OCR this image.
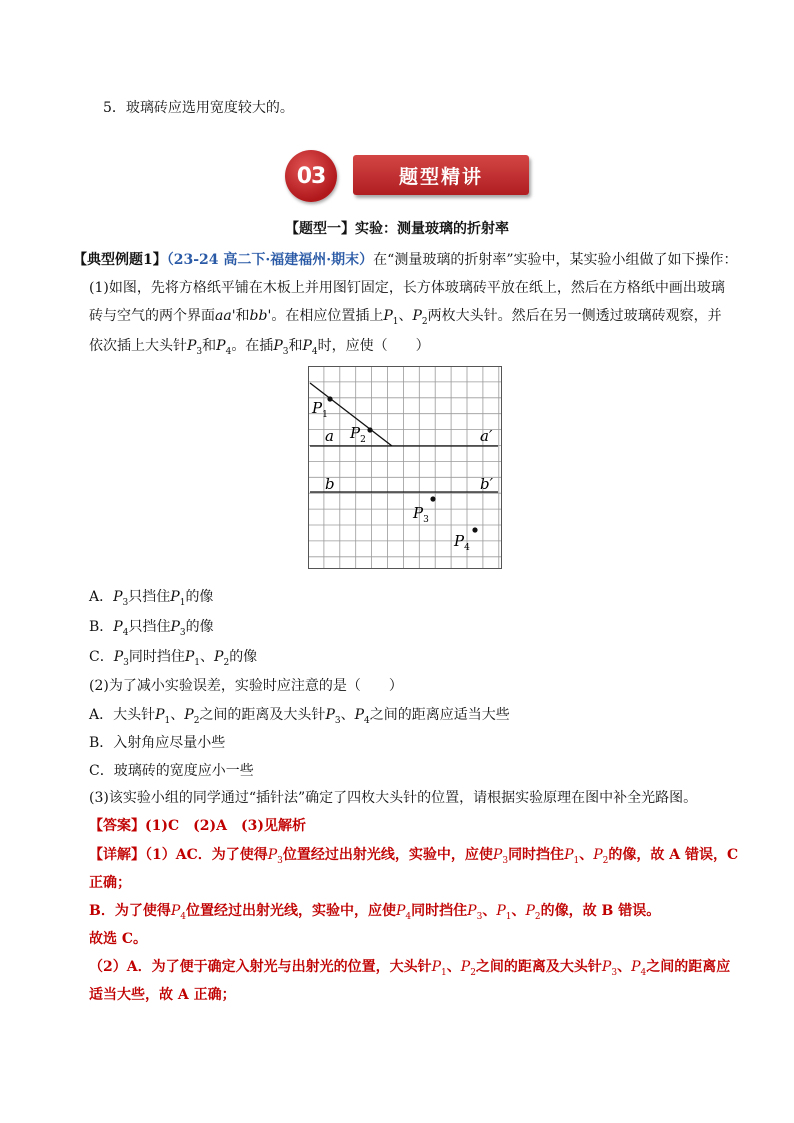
5．玻璃砖应选用宽度较大的。
03	题型精讲
【题型一】实验：测量玻璃的折射率
【典型例题1】（23-24 高二下·福建福州·期末）在“测量玻璃的折射率”实验中，某实验小组做了如下操作：
(1)如图，先将方格纸平铺在木板上并用图钉固定，长方体玻璃砖平放在纸上，然后在方格纸中画出玻璃
砖与空气的两个界面aa'和bb'。在相应位置插上$P_1$、$P_2$两枚大头针。然后在另一侧透过玻璃砖观察，并
依次插上大头针$P_3$和$P_4$。在插$P_3$和$P_4$时，应使（　　）
$P_1$
$P_2$
$P_3$
$P_4$
a	a′
b	b′
A．$P_3$只挡住$P_1$的像
B．$P_4$只挡住$P_3$的像
C．$P_3$同时挡住$P_1$、$P_2$的像
(2)为了减小实验误差，实验时应注意的是（　　）
A．大头针$P_1$、$P_2$之间的距离及大头针$P_3$、$P_4$之间的距离应适当大些
B．入射角应尽量小些
C．玻璃砖的宽度应小一些
(3)该实验小组的同学通过“插针法”确定了四枚大头针的位置，请根据实验原理在图中补全光路图。
【答案】(1)C　(2)A　(3)见解析
【详解】（1）AC．为了使得$P_3$位置经过出射光线，实验中，应使$P_3$同时挡住$P_1$、$P_2$的像，故 A 错误，C
正确；
B．为了使得$P_4$位置经过出射光线，实验中，应使$P_4$同时挡住$P_3$、$P_1$、$P_2$的像，故 B 错误。
故选 C。
（2）A．为了便于确定入射光与出射光的位置，大头针$P_1$、$P_2$之间的距离及大头针$P_3$、$P_4$之间的距离应
适当大些，故 A 正确；
